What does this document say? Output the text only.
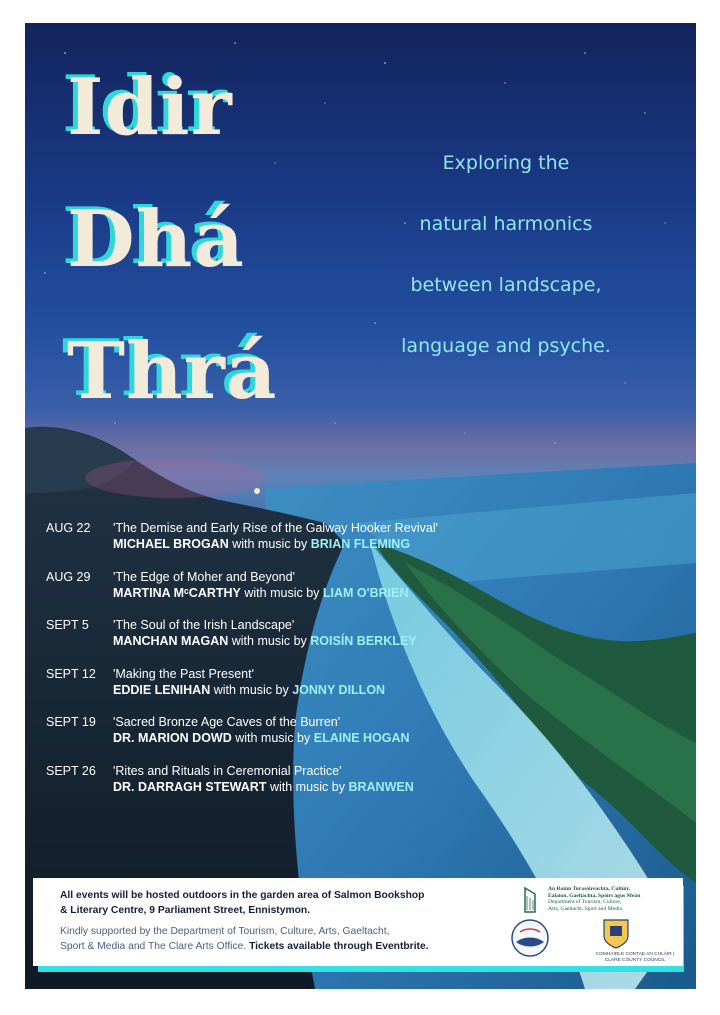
Idir
Dhá
Thrá
Exploring the
natural harmonics
between landscape,
language and psyche.
AUG 22 'The Demise and Early Rise of the Galway Hooker Revival'
MICHAEL BROGAN with music by BRIAN FLEMING
AUG 29 'The Edge of Moher and Beyond'
MARTINA MᶜCARTHY with music by LIAM O'BRIEN
SEPT 5 'The Soul of the Irish Landscape'
MANCHAN MAGAN with music by ROISÍN BERKLEY
SEPT 12 'Making the Past Present'
EDDIE LENIHAN with music by JONNY DILLON
SEPT 19 'Sacred Bronze Age Caves of the Burren'
DR. MARION DOWD with music by ELAINE HOGAN
SEPT 26 'Rites and Rituals in Ceremonial Practice'
DR. DARRAGH STEWART with music by BRANWEN
All events will be hosted outdoors in the garden area of Salmon Bookshop
& Literary Centre, 9 Parliament Street, Ennistymon.
Kindly supported by the Department of Tourism, Culture, Arts, Gaeltacht,
Sport & Media and The Clare Arts Office. Tickets available through Eventbrite.
An Roinn Turasóireachta, Cultúir,
Ealaíon, Gaeltachta, Spóirt agus Meán
Department of Tourism, Culture,
Arts, Gaeltacht, Sport and Media
COMHAIRLE CONTAE AN CHLÁIR | CLARE COUNTY COUNCIL
